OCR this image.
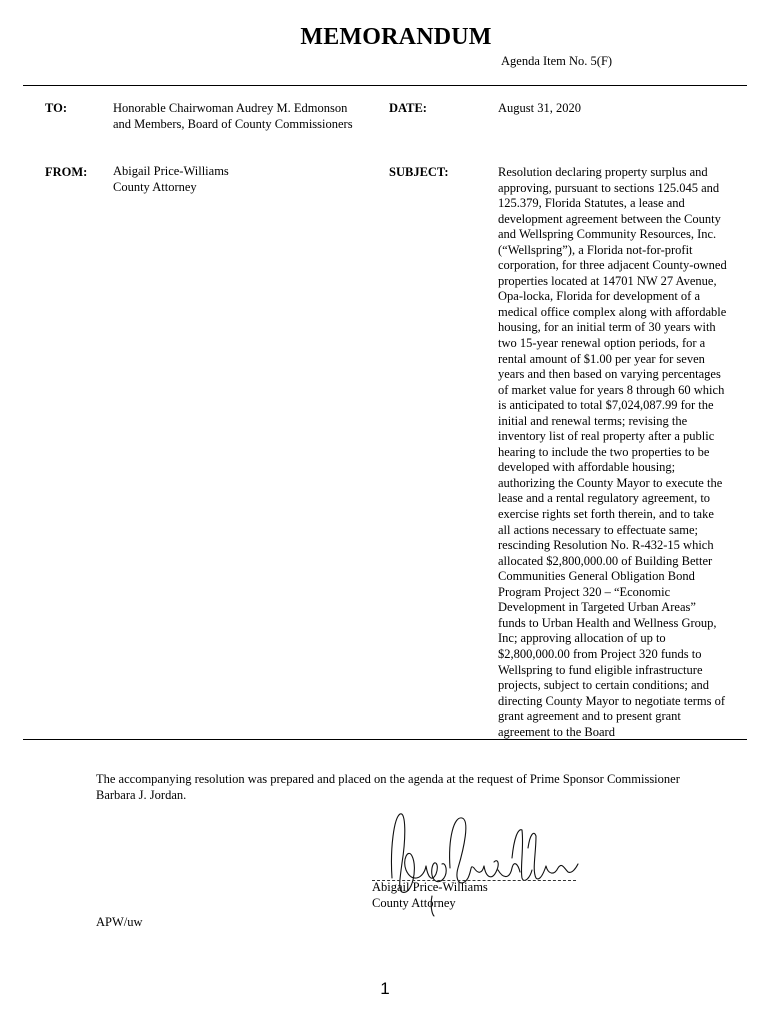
MEMORANDUM
Agenda Item No. 5(F)
TO:	Honorable Chairwoman Audrey M. Edmonson
and Members, Board of County Commissioners
DATE:	August 31, 2020
FROM: Abigail Price-Williams
County Attorney
SUBJECT:	Resolution declaring property surplus and
approving, pursuant to sections 125.045 and
125.379, Florida Statutes, a lease and
development agreement between the County
and Wellspring Community Resources, Inc.
(“Wellspring”), a Florida not-for-profit
corporation, for three adjacent County-owned
properties located at 14701 NW 27 Avenue,
Opa-locka, Florida for development of a
medical office complex along with affordable
housing, for an initial term of 30 years with
two 15-year renewal option periods, for a
rental amount of $1.00 per year for seven
years and then based on varying percentages
of market value for years 8 through 60 which
is anticipated to total $7,024,087.99 for the
initial and renewal terms; revising the
inventory list of real property after a public
hearing to include the two properties to be
developed with affordable housing;
authorizing the County Mayor to execute the
lease and a rental regulatory agreement, to
exercise rights set forth therein, and to take
all actions necessary to effectuate same;
rescinding Resolution No. R-432-15 which
allocated $2,800,000.00 of Building Better
Communities General Obligation Bond
Program Project 320 – “Economic
Development in Targeted Urban Areas”
funds to Urban Health and Wellness Group,
Inc; approving allocation of up to
$2,800,000.00 from Project 320 funds to
Wellspring to fund eligible infrastructure
projects, subject to certain conditions; and
directing County Mayor to negotiate terms of
grant agreement and to present grant
agreement to the Board
The accompanying resolution was prepared and placed on the agenda at the request of Prime Sponsor Commissioner
Barbara J. Jordan.
Abigail Price-Williams
County Attorney
APW/uw
1
